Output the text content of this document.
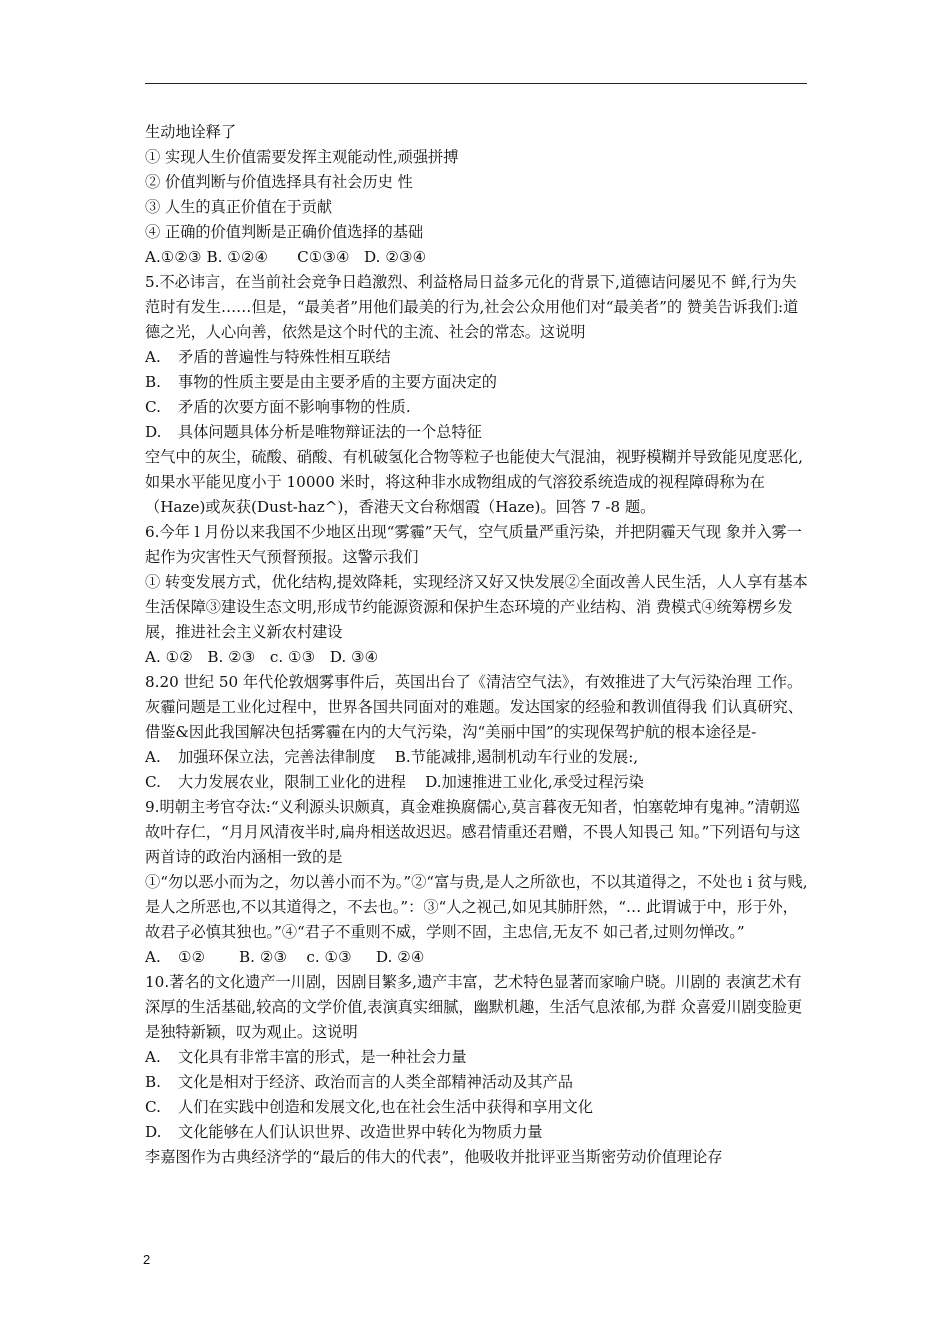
生动地诠释了

① 实现人生价值需要发挥主观能动性,顽强拼搏

② 价值判断与价值选择具有社会历史 性

③ 人生的真正价值在于贡献

④ 正确的价值判断是正确价值选择的基础

A.①②③ B. ①②④      C①③④   D. ②③④

5.不必讳言，在当前社会竞争日趋激烈、利益格局日益多元化的背景下,道德诘问屡见不 鲜,行为失范时有发生……但是，“最美者”用他们最美的行为,社会公众用他们对“最美者”的 赞美告诉我们:道德之光，人心向善，依然是这个时代的主流、社会的常态。这说明

A.	矛盾的普遍性与特殊性相互联结
B.	事物的性质主要是由主要矛盾的主要方面决定的
C.	矛盾的次要方面不影响事物的性质.
D.	具体问题具体分析是唯物辩证法的一个总特征

空气中的灰尘，硫酸、硝酸、有机破氢化合物等粒子也能使大气混油，视野模糊并导致能见度恶化,如果水平能见度小于 10000 米时，将这种非水成物组成的气溶狡系统造成的视程障碍称为在（Haze)或灰获(Dust-haz^)，香港天文台称烟霞（Haze)。回答 7 -8 题。

6.今年 l 月份以来我国不少地区出现“雾霾”天气，空气质量严重污染，并把阴霾天气现 象并入雾一起作为灾害性天气预督预报。这警示我们

① 转变发展方式，优化结构,提效降耗，实现经济又好又快发展②全面改善人民生活，人人享有基本生活保障③建设生态文明,形成节约能源资源和保护生态环境的产业结构、消 费模式④统筹楞乡发展，推进社会主义新农村建设

A. ①②   B. ②③   c. ①③   D. ③④

8.20 世纪 50 年代伦敦烟雾事件后，英国出台了《清洁空气法》，有效推进了大气污染治理 工作。灰霾问题是工业化过程中，世界各国共同面对的难题。发达国家的经验和教训值得我 们认真研究、借鉴&因此我国解决包括雾霾在内的大气污染，沟“美丽中国”的实现保驾护航的根本途径是-

A.	加强环保立法，完善法律制度    B.节能减排,遏制机动车行业的发展:,
C.	大力发展农业，限制工业化的进程    D.加速推进工业化,承受过程污染

9.明朝主考官夺汰:“义利源头识颇真，真金难换腐儒心,莫言暮夜无知者，怕塞乾坤有鬼神。”清朝巡故叶存仁，“月月风清夜半时,扁舟相送故迟迟。感君情重还君赠，不畏人知畏己 知。”下列语句与这两首诗的政治内涵相一致的是

①“勿以恶小而为之，勿以善小而不为。”②“富与贵,是人之所欲也，不以其道得之，不处也 i 贫与贱,是人之所恶也,不以其道得之，不去也。”：③“人之视己,如见其肺肝然，“… 此谓诚于中，形于外，故君子必慎其独也。”④“君子不重则不威，学则不固，主忠信,无友不 如己者,过则勿惮改。”

A.	①②       B. ②③    c. ①③     D. ②④

10.著名的文化遗产一川剧，因剧目繁多,遗产丰富，艺术特色显著而家喻户晓。川剧的 表演艺术有深厚的生活基础,较高的文学价值,表演真实细腻，幽默机趣，生活气息浓郁,为群 众喜爱川剧变脸更是独特新颖，叹为观止。这说明

A.	文化具有非常丰富的形式，是一种社会力量
B.	文化是相对于经济、政治而言的人类全部精神活动及其产品
C.	人们在实践中创造和发展文化,也在社会生活中获得和享用文化
D.	文化能够在人们认识世界、改造世界中转化为物质力量

李嘉图作为古典经济学的“最后的伟大的代表”，他吸收并批评亚当斯密劳动价值理论存

2
